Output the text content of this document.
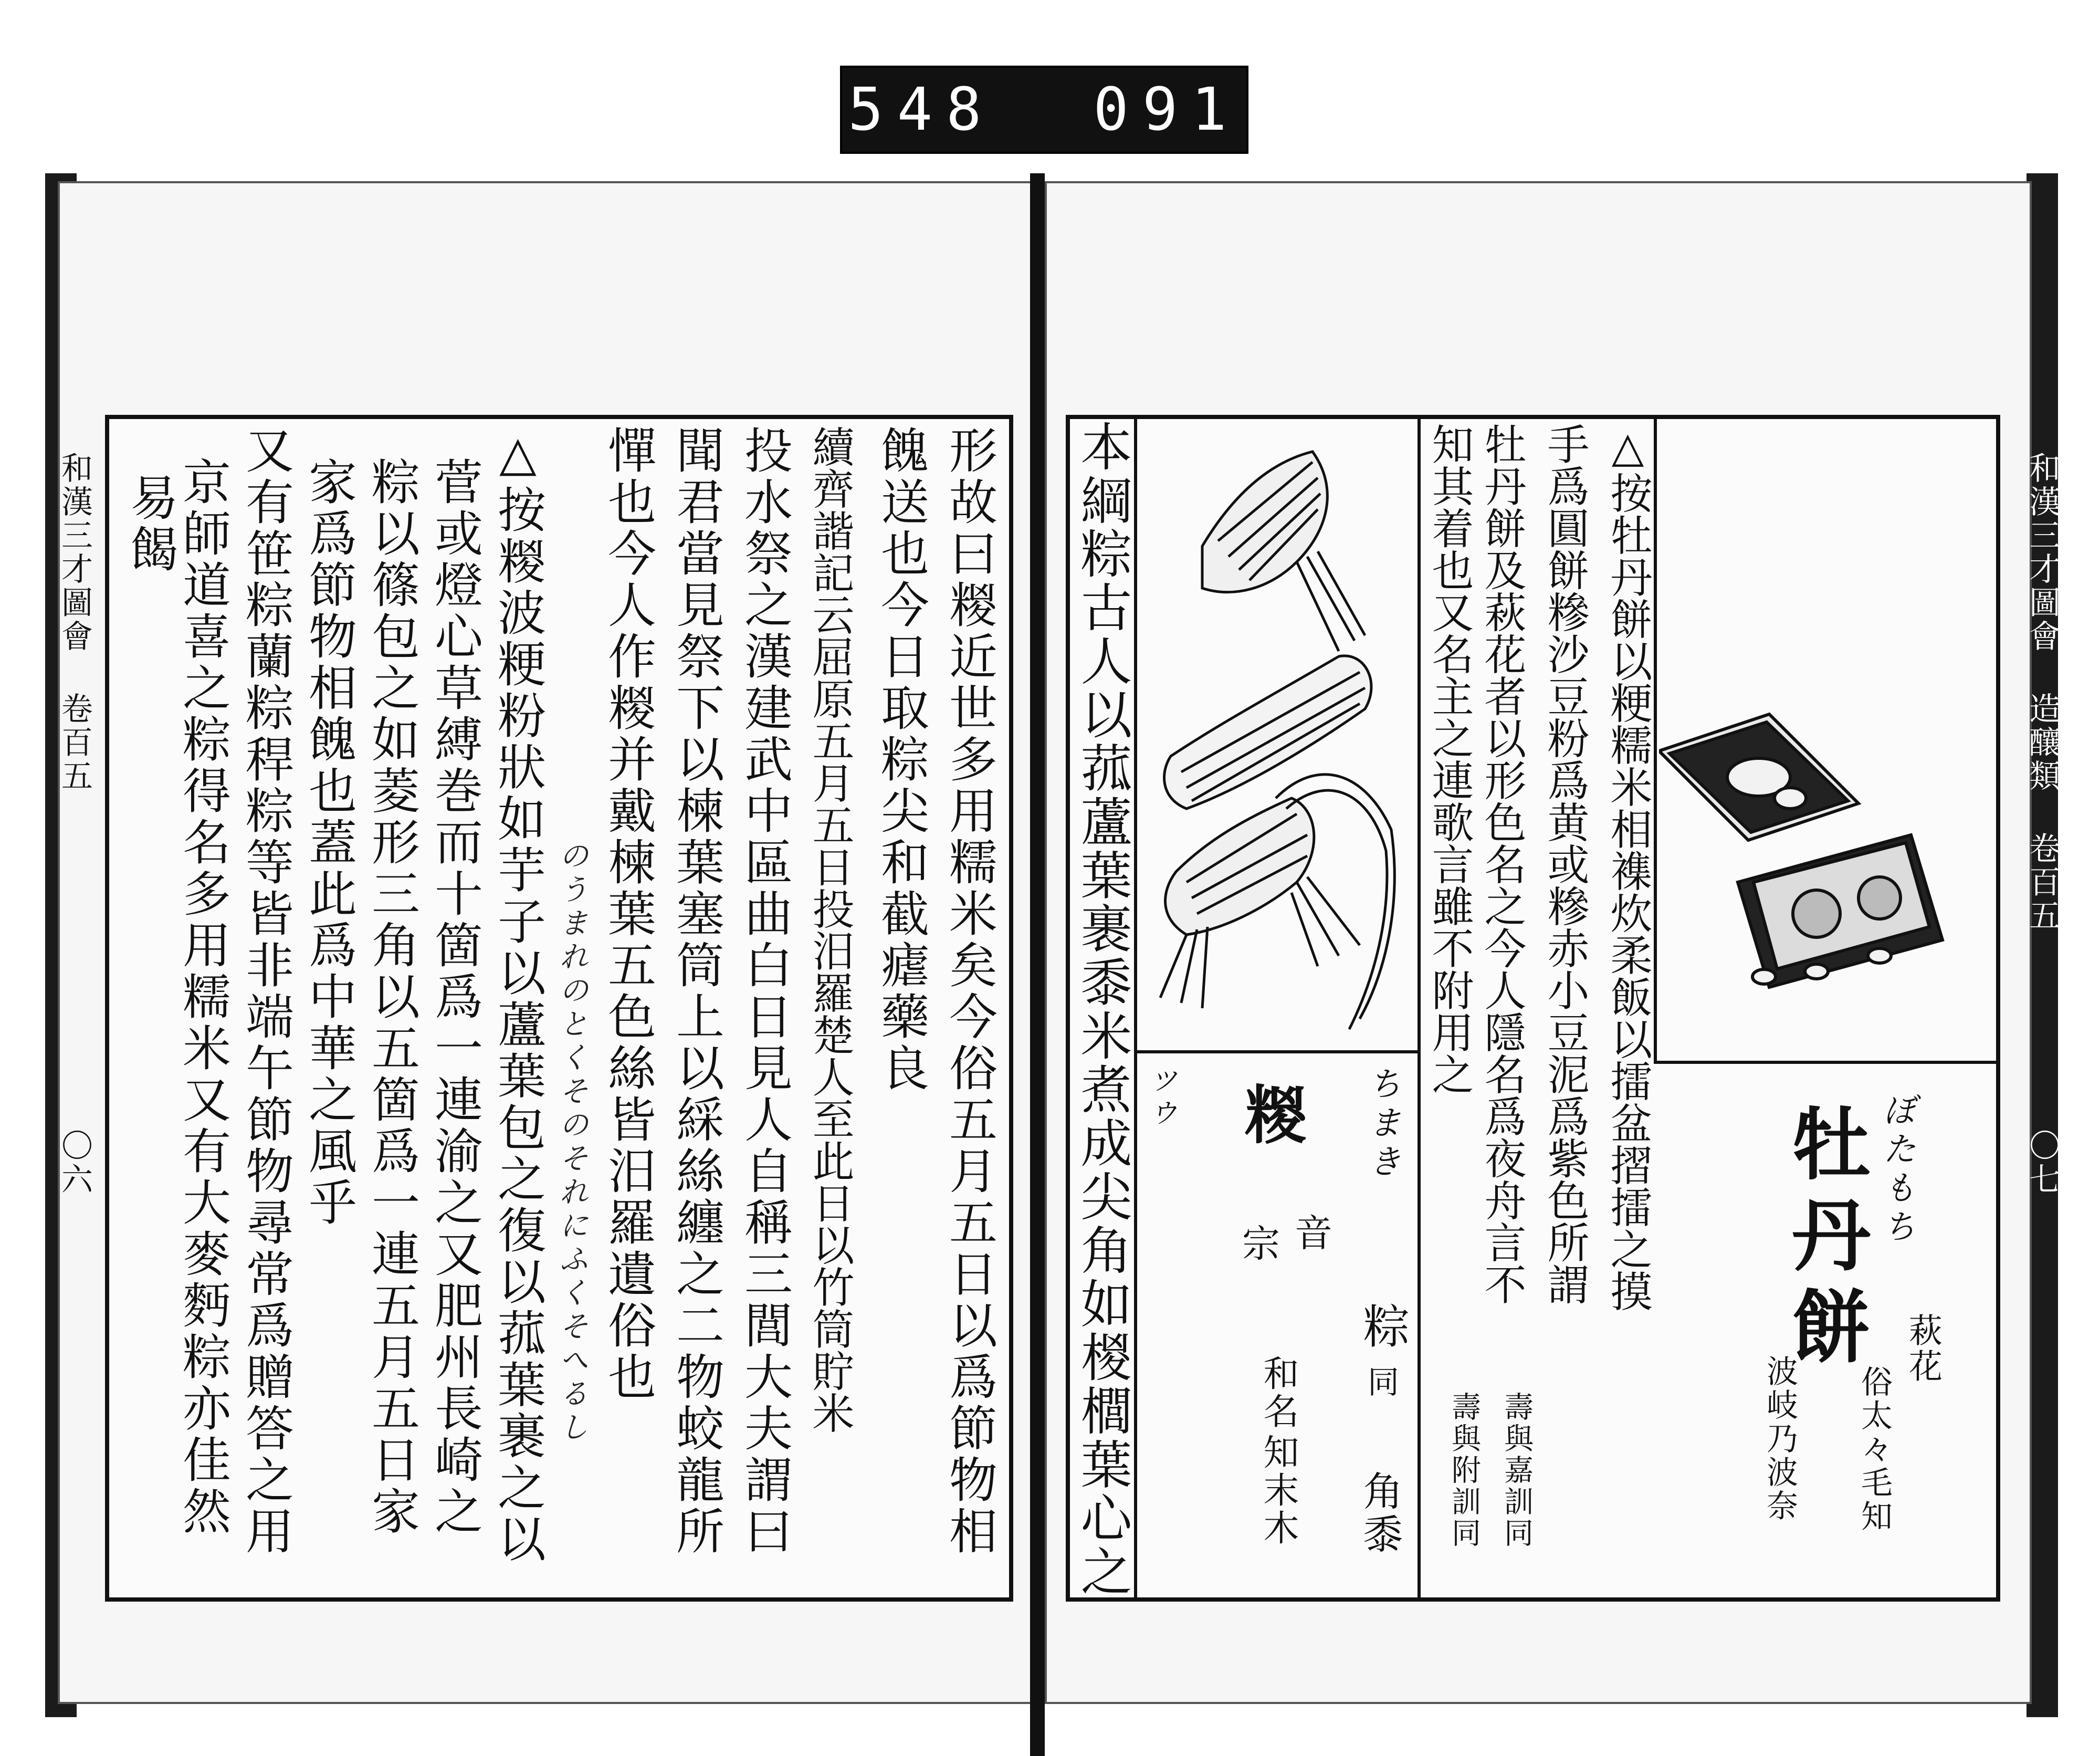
548  091
和漢三才圖會 卷百五
〇六	形故曰糉近世多用糯米矣今俗五月五日以爲節物相
餽送也今日取粽尖和截瘧藥良
續齊諧記云屈原五月五日投汨羅楚人至此日以竹筒貯米
投水祭之漢建武中區曲白日見人自稱三閭大夫謂曰
聞君當見祭下以楝葉塞筒上以綵絲纏之二物蛟龍所
憚也今人作糉并戴楝葉五色絲皆汨羅遺俗也
のうまれのとくそのそれにふくそへるし
△按糉波粳粉狀如芋子以蘆葉包之復以菰葉裹之以
菅或燈心草縛巻而十箇爲一連渝之又肥州長崎之
粽以篠包之如菱形三角以五箇爲一連五月五日家
家爲節物相餽也蓋此爲中華之風乎
又有笹粽蘭粽稈粽等皆非端午節物尋常爲贈答之用
京師道喜之粽得名多用糯米又有大麥麪粽亦佳然
易餲	和漢三才圖會 造釀類 卷百五
〇七
△按牡丹餅以粳糯米相襍炊柔飯以擂盆摺擂之摸
手爲圓餅糝沙豆粉爲黄或糝赤小豆泥爲紫色所謂
牡丹餅及萩花者以形色名之今人隱名爲夜舟言不
知其着也又名主之連歌言雖不附用之
ぼたもち
牡丹餅 萩花
俗太々毛知
波岐乃波奈
ちまき
ツウ 糉
音
宗
粽
同
角黍
和名
知末木
本綱粽古人以菰蘆葉裹黍米煮成尖角如椶櫚葉心之	壽與嘉訓同
壽與附訓同
